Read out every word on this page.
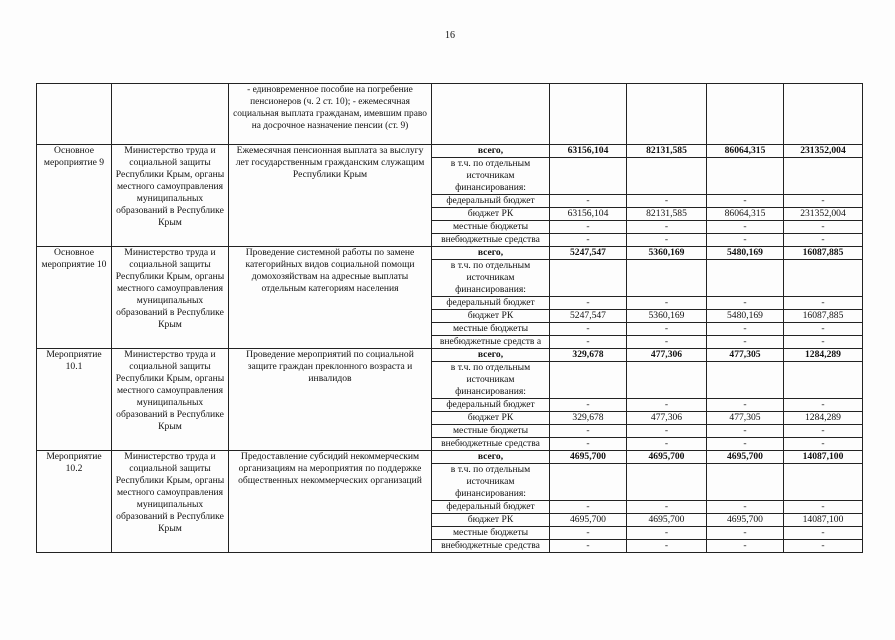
16
		- единовременное пособие на погребение пенсионеров (ч. 2 ст. 10); - ежемесячная социальная выплата гражданам, имевшим право на досрочное назначение пенсии (ст. 9)					
Основное мероприятие 9	Министерство труда и социальной защиты Республики Крым, органы местного самоуправления муниципальных образований в Республике Крым	Ежемесячная пенсионная выплата за выслугу лет государственным гражданским служащим Республики Крым	всего,	63156,104	82131,585	86064,315	231352,004
			в т.ч. по отдельным источникам финансирования:				
			федеральный бюджет	-	-	-	-
			бюджет РК	63156,104	82131,585	86064,315	231352,004
			местные бюджеты	-	-	-	-
			внебюджетные средства	-	-	-	-
Основное мероприятие 10	Министерство труда и социальной защиты Республики Крым, органы местного самоуправления муниципальных образований в Республике Крым	Проведение системной работы по замене категорийных видов социальной помощи домохозяйствам на адресные выплаты отдельным категориям населения	всего,	5247,547	5360,169	5480,169	16087,885
			в т.ч. по отдельным источникам финансирования:				
			федеральный бюджет	-	-	-	-
			бюджет РК	5247,547	5360,169	5480,169	16087,885
			местные бюджеты	-	-	-	-
			внебюджетные средств а	-	-	-	-
Мероприятие 10.1	Министерство труда и социальной защиты Республики Крым, органы местного самоуправления муниципальных образований в Республике Крым	Проведение мероприятий по социальной защите граждан преклонного возраста и инвалидов	всего,	329,678	477,306	477,305	1284,289
			в т.ч. по отдельным источникам финансирования:				
			федеральный бюджет	-	-	-	-
			бюджет РК	329,678	477,306	477,305	1284,289
			местные бюджеты	-	-	-	-
			внебюджетные средства	-	-	-	-
Мероприятие 10.2	Министерство труда и социальной защиты Республики Крым, органы местного самоуправления муниципальных образований в Республике Крым	Предоставление субсидий некоммерческим организациям на мероприятия по поддержке общественных некоммерческих организаций	всего,	4695,700	4695,700	4695,700	14087,100
			в т.ч. по отдельным источникам финансирования:				
			федеральный бюджет	-	-	-	-
			бюджет РК	4695,700	4695,700	4695,700	14087,100
			местные бюджеты	-	-	-	-
			внебюджетные средства	-	-	-	-
